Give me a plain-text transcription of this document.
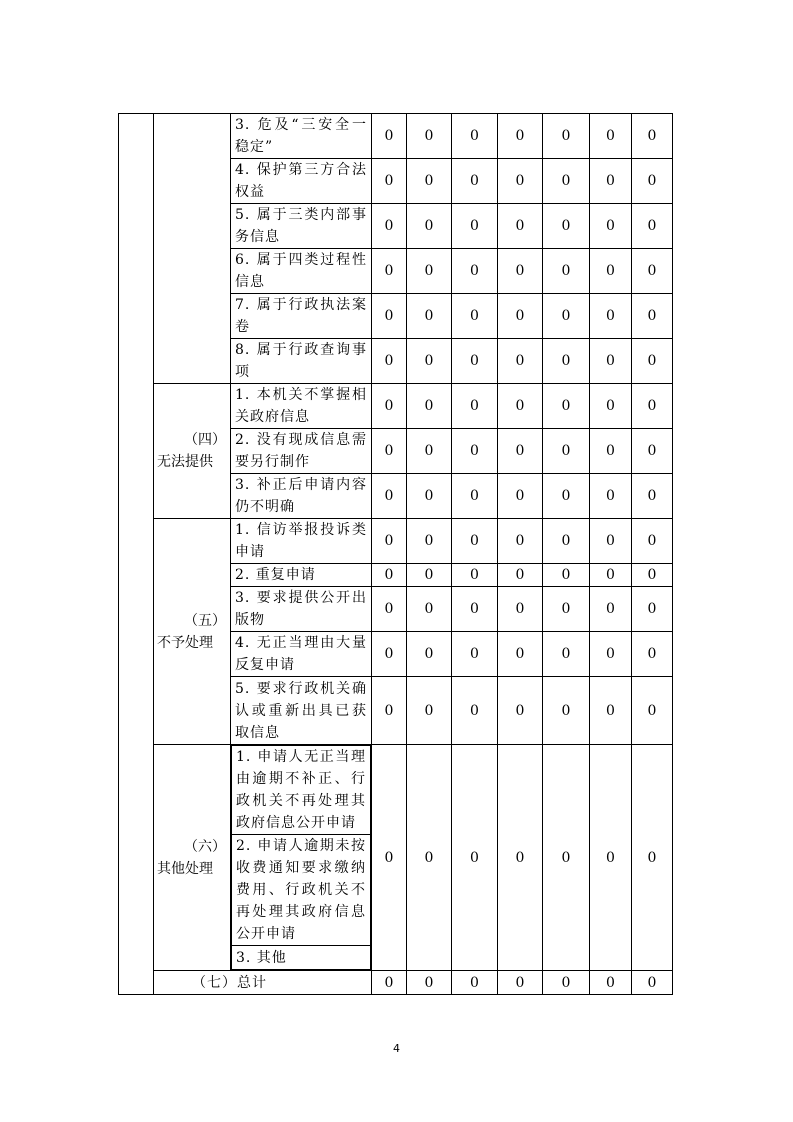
		3. 危及“三安全一稳定”	0	0	0	0	0	0	0
4. 保护第三方合法权益	0	0	0	0	0	0	0
5. 属于三类内部事务信息	0	0	0	0	0	0	0
6. 属于四类过程性信息	0	0	0	0	0	0	0
7. 属于行政执法案卷	0	0	0	0	0	0	0
8. 属于行政查询事项	0	0	0	0	0	0	0

（四）
无法提供
	1. 本机关不掌握相关政府信息	0	0	0	0	0	0	0
2. 没有现成信息需要另行制作	0	0	0	0	0	0	0
3. 补正后申请内容仍不明确	0	0	0	0	0	0	0

（五）
不予处理
	1. 信访举报投诉类申请	0	0	0	0	0	0	0
2. 重复申请	0	0	0	0	0	0	0
3. 要求提供公开出版物	0	0	0	0	0	0	0
4. 无正当理由大量反复申请	0	0	0	0	0	0	0
5. 要求行政机关确认或重新出具已获取信息	0	0	0	0	0	0	0

（六）
其他处理

1. 申请人无正当理由逾期不补正、行政机关不再处理其政府信息公开申请
2. 申请人逾期未按收费通知要求缴纳费用、行政机关不再处理其政府信息公开申请
3. 其他
	0	0	0	0	0	0	0
（七）总计	0	0	0	0	0	0	0
4
